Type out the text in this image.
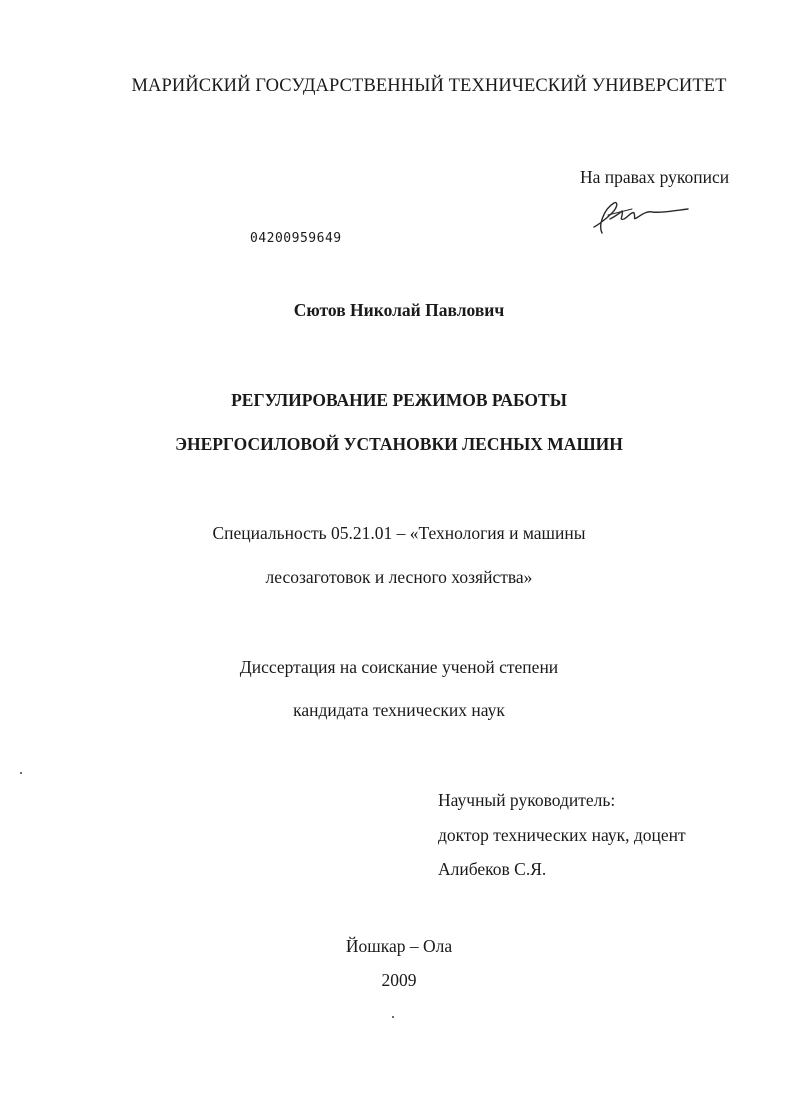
МАРИЙСКИЙ ГОСУДАРСТВЕННЫЙ ТЕХНИЧЕСКИЙ УНИВЕРСИТЕТ
На правах рукописи
04200959649
Сютов Николай Павлович
РЕГУЛИРОВАНИЕ РЕЖИМОВ РАБОТЫ
ЭНЕРГОСИЛОВОЙ УСТАНОВКИ ЛЕСНЫХ МАШИН
Специальность 05.21.01 – «Технология и машины
лесозаготовок и лесного хозяйства»
Диссертация на соискание ученой степени
кандидата технических наук
Научный руководитель:
доктор технических наук, доцент
Алибеков С.Я.
Йошкар – Ола
2009
